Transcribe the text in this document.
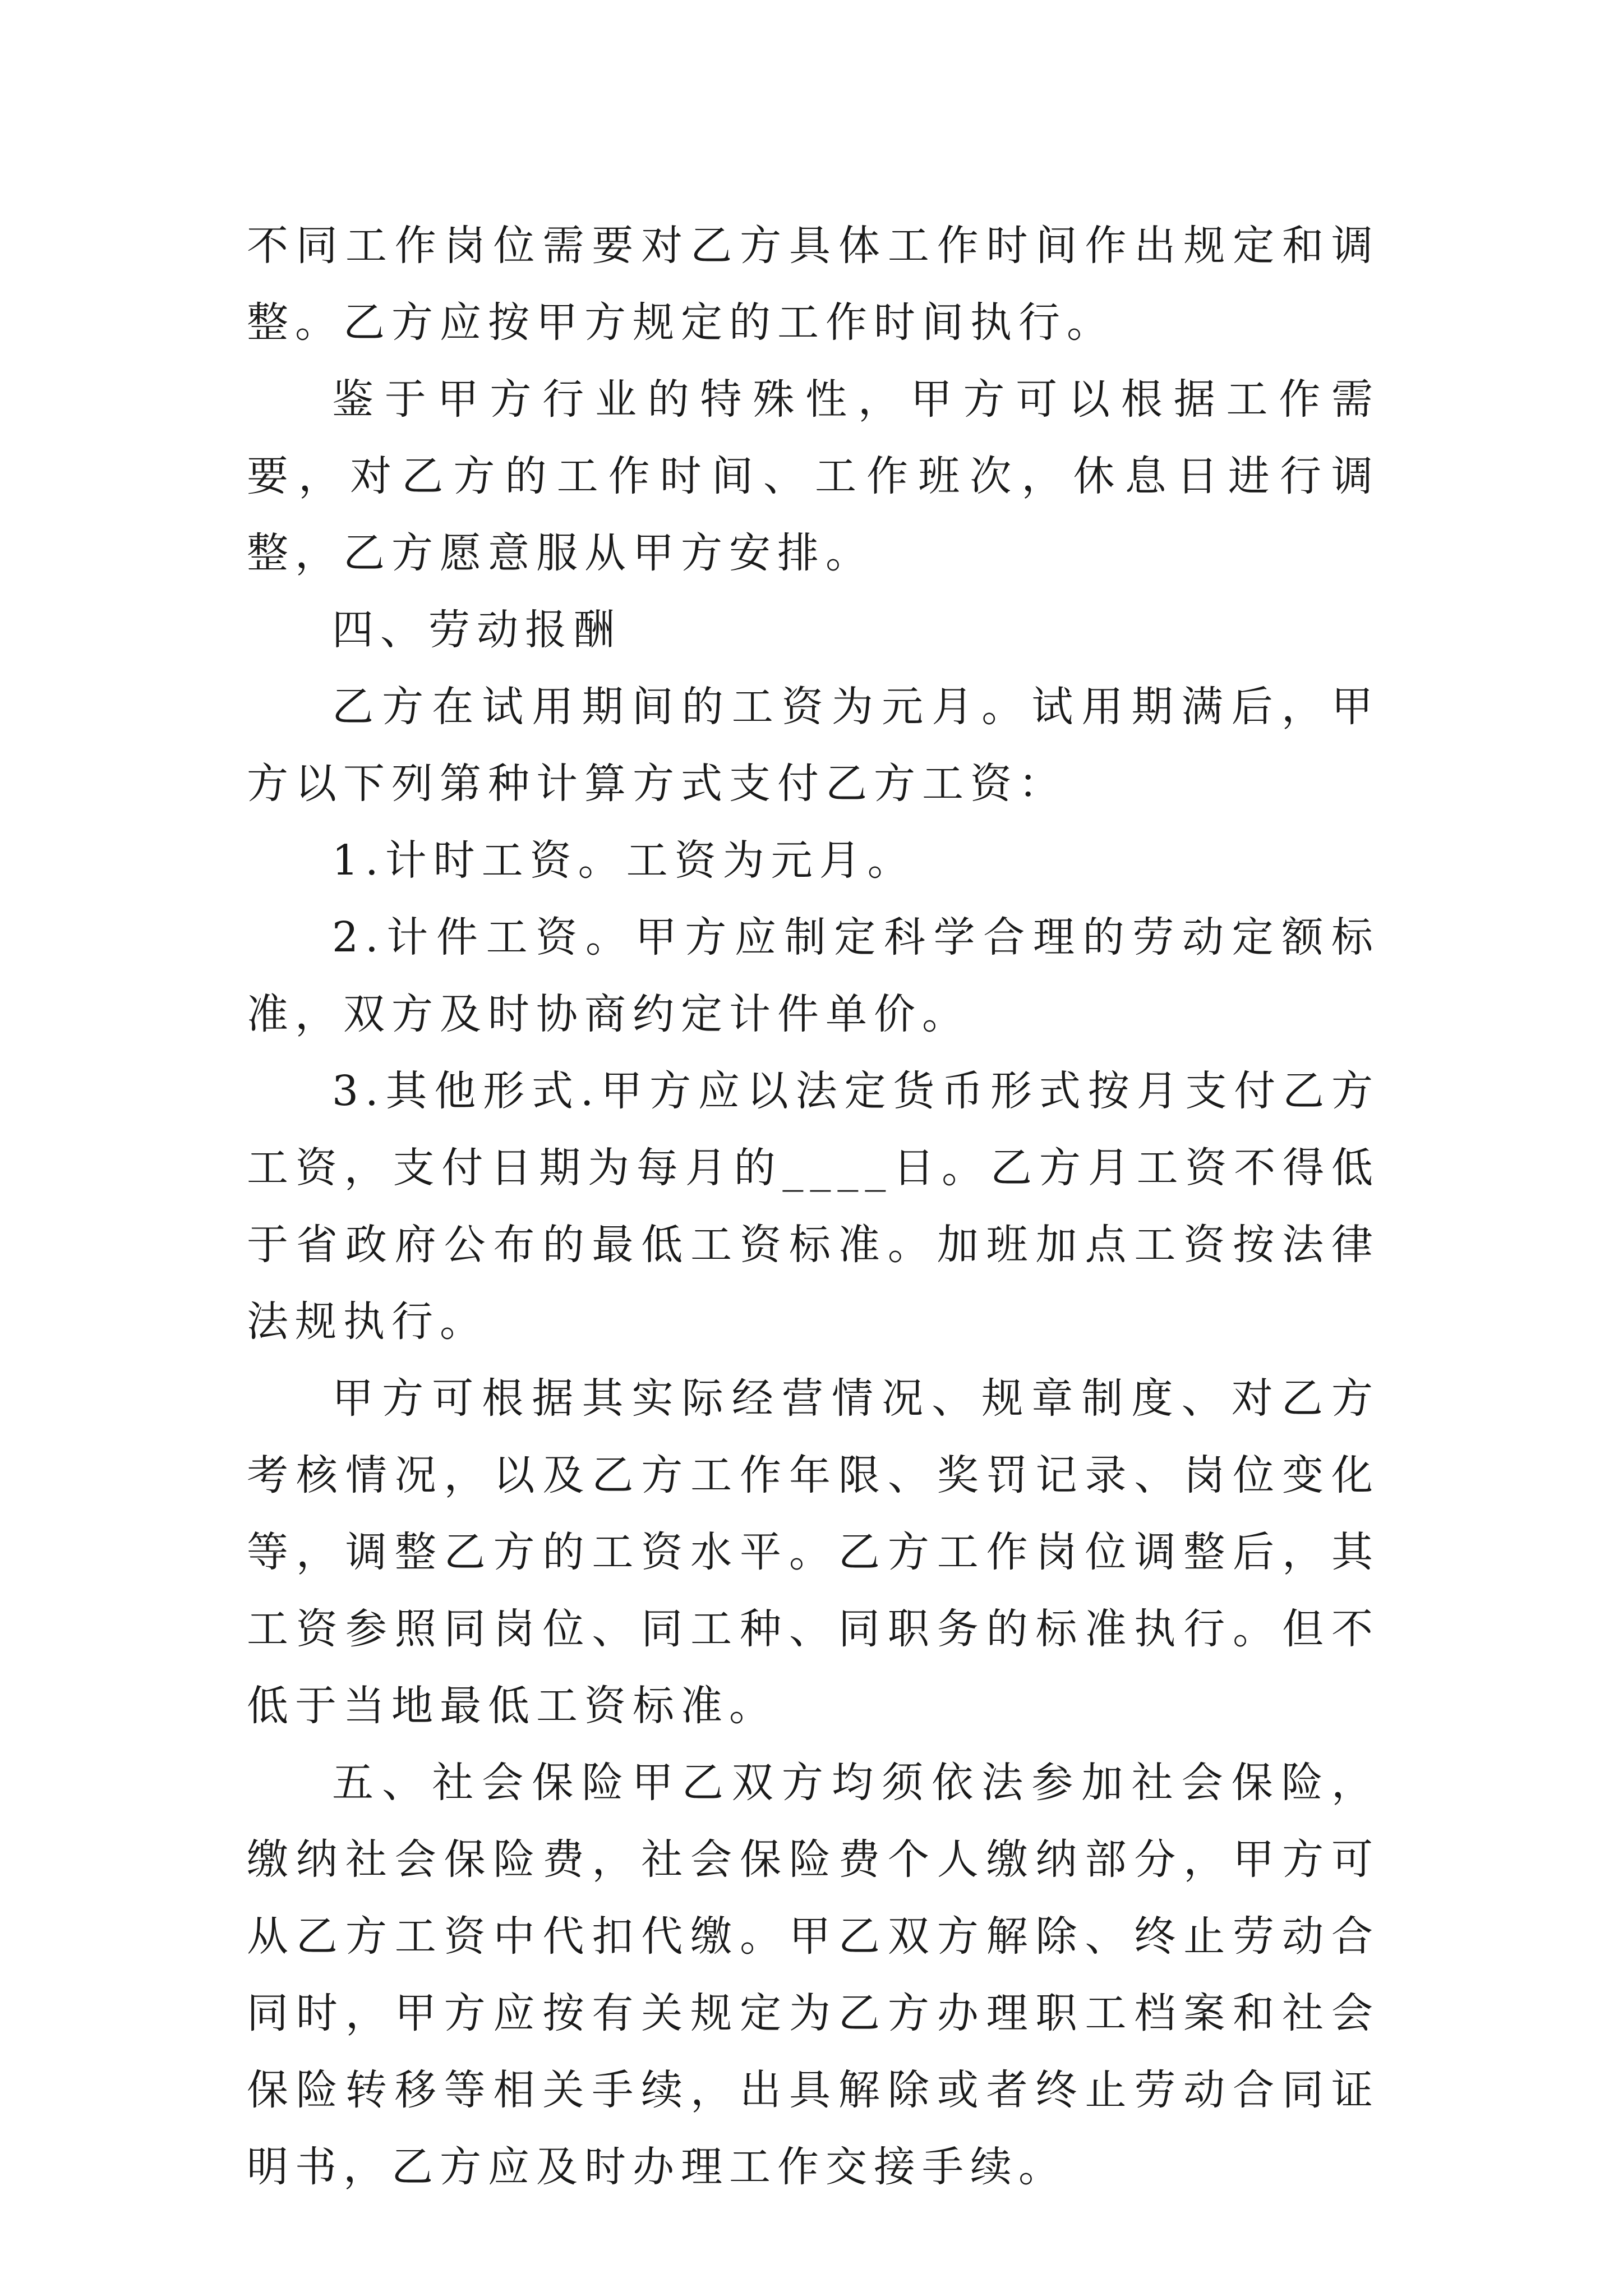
不同工作岗位需要对乙方具体工作时间作出规定和调整。乙方应按甲方规定的工作时间执行。

鉴于甲方行业的特殊性，甲方可以根据工作需要，对乙方的工作时间、工作班次，休息日进行调整，乙方愿意服从甲方安排。

四、劳动报酬

乙方在试用期间的工资为元月。试用期满后，甲方以下列第种计算方式支付乙方工资：

1.计时工资。工资为元月。

2.计件工资。甲方应制定科学合理的劳动定额标准，双方及时协商约定计件单价。

3.其他形式.甲方应以法定货币形式按月支付乙方工资，支付日期为每月的____日。乙方月工资不得低于省政府公布的最低工资标准。加班加点工资按法律法规执行。

甲方可根据其实际经营情况、规章制度、对乙方考核情况，以及乙方工作年限、奖罚记录、岗位变化等，调整乙方的工资水平。乙方工作岗位调整后，其工资参照同岗位、同工种、同职务的标准执行。但不低于当地最低工资标准。

五、社会保险甲乙双方均须依法参加社会保险，缴纳社会保险费，社会保险费个人缴纳部分，甲方可从乙方工资中代扣代缴。甲乙双方解除、终止劳动合同时，甲方应按有关规定为乙方办理职工档案和社会保险转移等相关手续，出具解除或者终止劳动合同证明书，乙方应及时办理工作交接手续。
